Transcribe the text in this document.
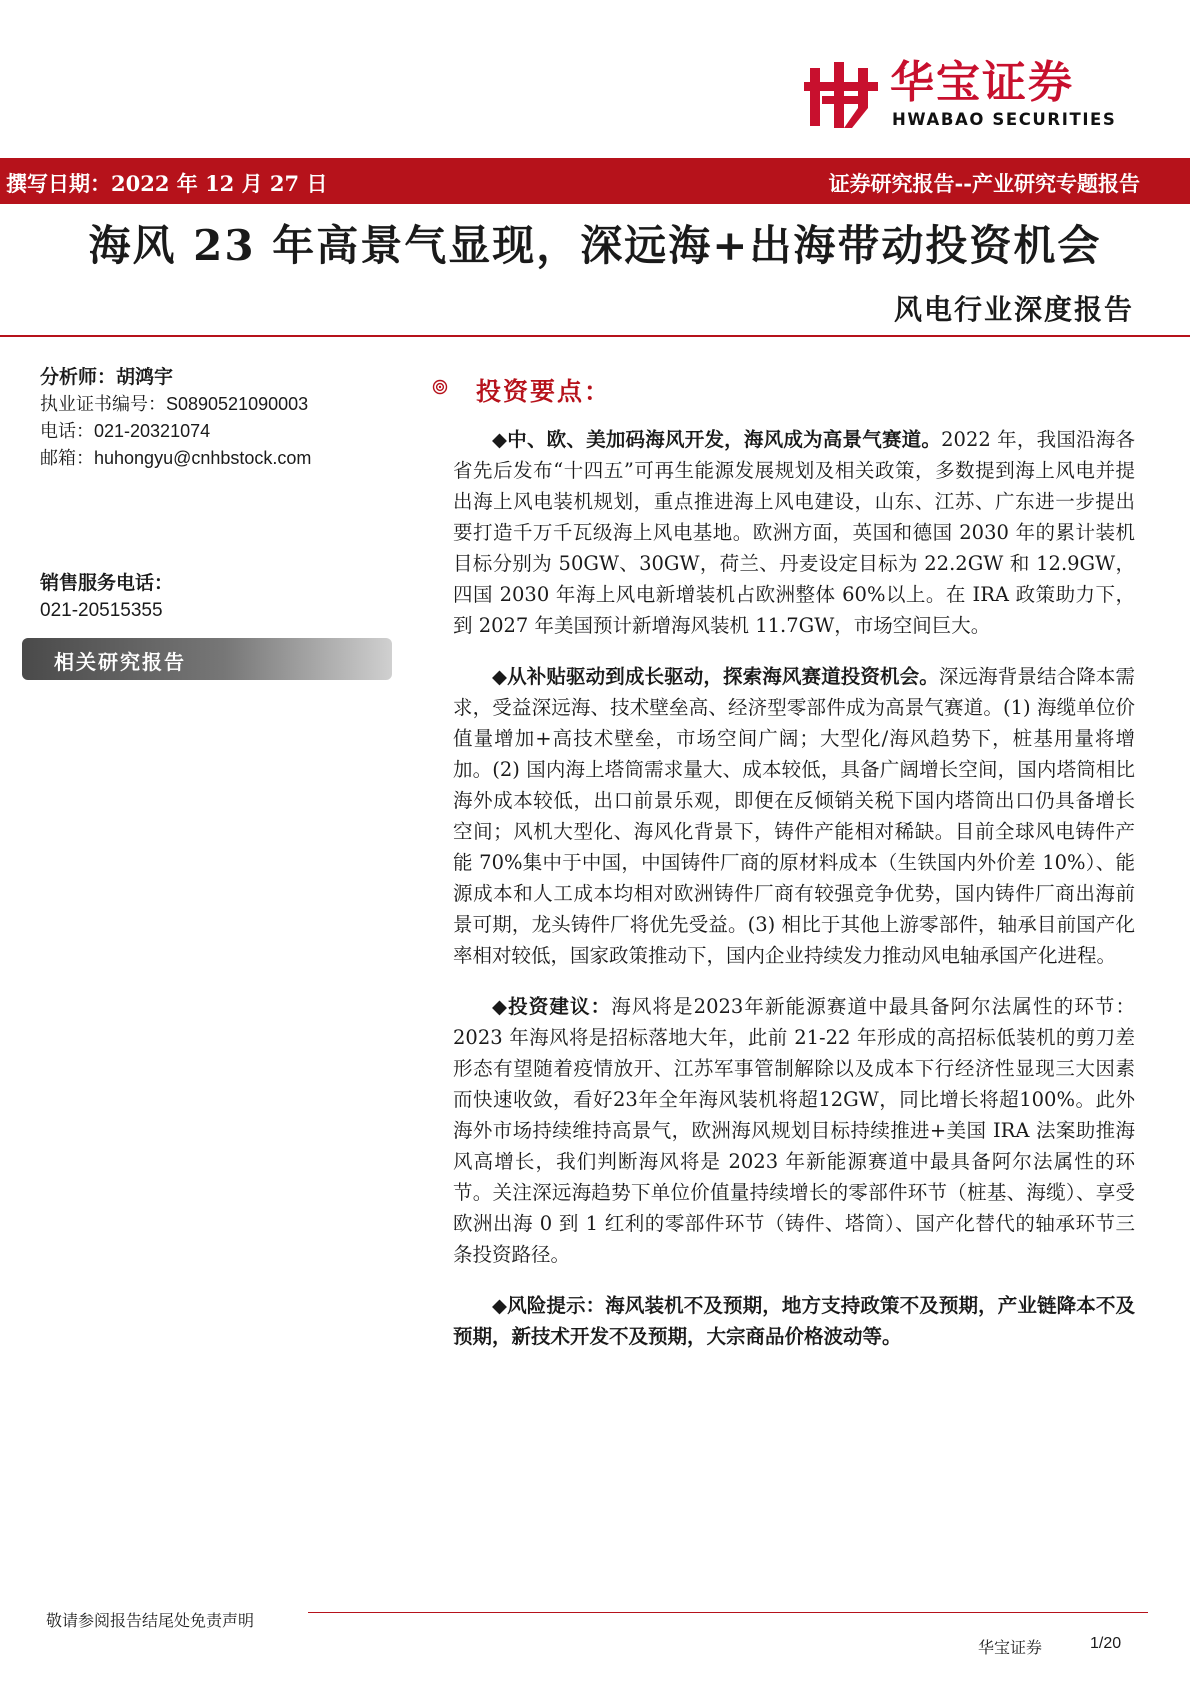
华宝证券
HWABAO SECURITIES
撰写日期：2022 年 12 月 27 日	证券研究报告--产业研究专题报告
海风 23 年高景气显现，深远海+出海带动投资机会
风电行业深度报告
分析师：胡鸿宇
执业证书编号：S0890521090003
电话：021-20321074
邮箱：huhongyu@cnhbstock.com
销售服务电话：
021-20515355
相关研究报告
投资要点：

◆中、欧、美加码海风开发，海风成为高景气赛道。2022 年，我国沿海各省先后发布“十四五”可再生能源发展规划及相关政策，多数提到海上风电并提出海上风电装机规划，重点推进海上风电建设，山东、江苏、广东进一步提出要打造千万千瓦级海上风电基地。欧洲方面，英国和德国 2030 年的累计装机目标分别为 50GW、30GW，荷兰、丹麦设定目标为 22.2GW 和 12.9GW，四国 2030 年海上风电新增装机占欧洲整体 60%以上。在 IRA 政策助力下，到 2027 年美国预计新增海风装机 11.7GW，市场空间巨大。

◆从补贴驱动到成长驱动，探索海风赛道投资机会。深远海背景结合降本需求，受益深远海、技术壁垒高、经济型零部件成为高景气赛道。(1) 海缆单位价值量增加+高技术壁垒，市场空间广阔；大型化/海风趋势下，桩基用量将增加。(2) 国内海上塔筒需求量大、成本较低，具备广阔增长空间，国内塔筒相比海外成本较低，出口前景乐观，即便在反倾销关税下国内塔筒出口仍具备增长空间；风机大型化、海风化背景下，铸件产能相对稀缺。目前全球风电铸件产能 70%集中于中国，中国铸件厂商的原材料成本（生铁国内外价差 10%）、能源成本和人工成本均相对欧洲铸件厂商有较强竞争优势，国内铸件厂商出海前景可期，龙头铸件厂将优先受益。(3) 相比于其他上游零部件，轴承目前国产化率相对较低，国家政策推动下，国内企业持续发力推动风电轴承国产化进程。

◆投资建议：海风将是2023年新能源赛道中最具备阿尔法属性的环节：2023 年海风将是招标落地大年，此前 21-22 年形成的高招标低装机的剪刀差形态有望随着疫情放开、江苏军事管制解除以及成本下行经济性显现三大因素而快速收敛，看好23年全年海风装机将超12GW，同比增长将超100%。此外海外市场持续维持高景气，欧洲海风规划目标持续推进+美国 IRA 法案助推海风高增长，我们判断海风将是 2023 年新能源赛道中最具备阿尔法属性的环节。关注深远海趋势下单位价值量持续增长的零部件环节（桩基、海缆）、享受欧洲出海 0 到 1 红利的零部件环节（铸件、塔筒）、国产化替代的轴承环节三条投资路径。

◆风险提示：海风装机不及预期，地方支持政策不及预期，产业链降本不及预期，新技术开发不及预期，大宗商品价格波动等。

敬请参阅报告结尾处免责声明
华宝证券	1/20
